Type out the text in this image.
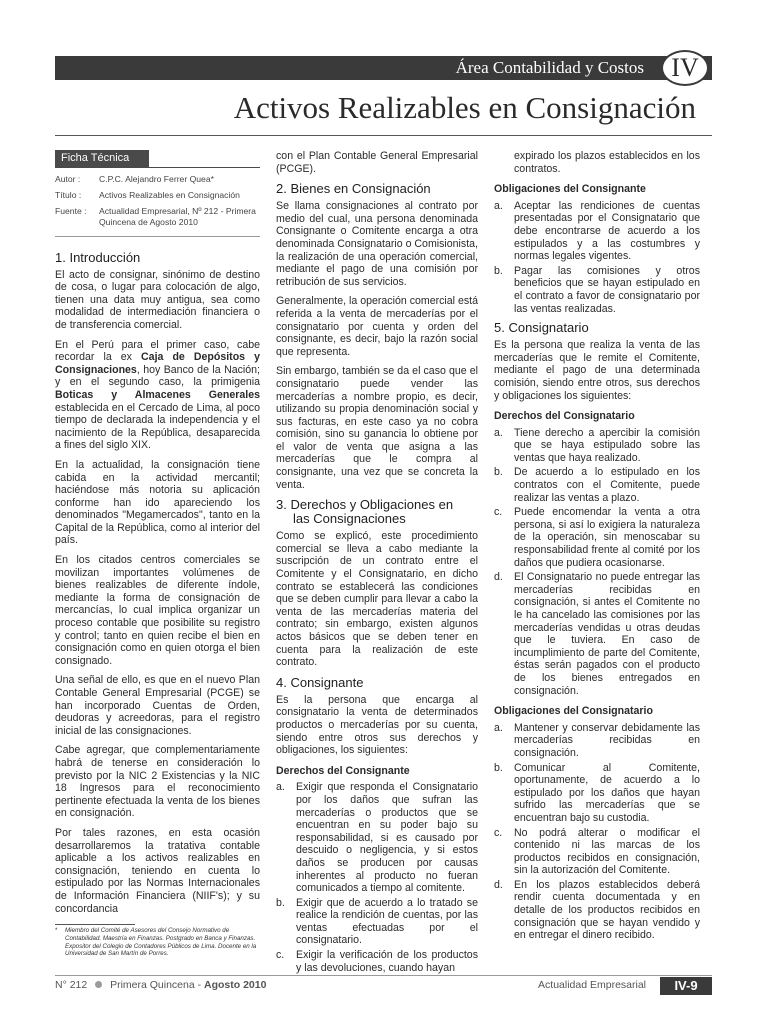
Área Contabilidad y Costos	IV
Activos Realizables en Consignación
Ficha Técnica
Autor :	C.P.C. Alejandro Ferrer Quea*
Título :	Activos Realizables en Consignación
Fuente :	Actualidad Empresarial, Nº 212 - Primera Quincena de Agosto 2010
1. Introducción

El acto de consignar, sinónimo de destino de cosa, o lugar para colocación de algo, tienen una data muy antigua, sea como modalidad de intermediación financiera o de transferencia comercial.

En el Perú para el primer caso, cabe recordar la ex Caja de Depósitos y Consignaciones, hoy Banco de la Nación; y en el segundo caso, la primigenia Boticas y Almacenes Generales establecida en el Cercado de Lima, al poco tiempo de declarada la independencia y el nacimiento de la República, desaparecida a fines del siglo XIX.

En la actualidad, la consignación tiene cabida en la actividad mercantil; haciéndose más notoria su aplicación conforme han ido apareciendo los denominados "Megamercados", tanto en la Capital de la República, como al interior del país.

En los citados centros comerciales se movilizan importantes volúmenes de bienes realizables de diferente índole, mediante la forma de consignación de mercancías, lo cual implica organizar un proceso contable que posibilite su registro y control; tanto en quien recibe el bien en consignación como en quien otorga el bien consignado.

Una señal de ello, es que en el nuevo Plan Contable General Empresarial (PCGE) se han incorporado Cuentas de Orden, deudoras y acreedoras, para el registro inicial de las consignaciones.

Cabe agregar, que complementariamente habrá de tenerse en consideración lo previsto por la NIC 2 Existencias y la NIC 18 Ingresos para el reconocimiento pertinente efectuada la venta de los bienes en consignación.

Por tales razones, en esta ocasión desarrollaremos la tratativa contable aplicable a los activos realizables en consignación, teniendo en cuenta lo estipulado por las Normas Internacionales de Información Financiera (NIIF's); y su concordancia

*	Miembro del Comité de Asesores del Consejo Normativo de Contabilidad. Maestría en Finanzas. Postgrado en Banca y Finanzas. Expositor del Colegio de Contadores Públicos de Lima. Docente en la Universidad de San Martín de Porres.

con el Plan Contable General Empresarial (PCGE).

2. Bienes en Consignación

Se llama consignaciones al contrato por medio del cual, una persona denominada Consignante o Comitente encarga a otra denominada Consignatario o Comisionista, la realización de una operación comercial, mediante el pago de una comisión por retribución de sus servicios.

Generalmente, la operación comercial está referida a la venta de mercaderías por el consignatario por cuenta y orden del consignante, es decir, bajo la razón social que representa.

Sin embargo, también se da el caso que el consignatario puede vender las mercaderías a nombre propio, es decir, utilizando su propia denominación social y sus facturas, en este caso ya no cobra comisión, sino su ganancia lo obtiene por el valor de venta que asigna a las mercaderías que le compra al consignante, una vez que se concreta la venta.

3. Derechos y Obligaciones en
las Consignaciones

Como se explicó, este procedimiento comercial se lleva a cabo mediante la suscripción de un contrato entre el Comitente y el Consignatario, en dicho contrato se establecerá las condiciones que se deben cumplir para llevar a cabo la venta de las mercaderías materia del contrato; sin embargo, existen algunos actos básicos que se deben tener en cuenta para la realización de este contrato.

4. Consignante

Es la persona que encarga al consignatario la venta de determinados productos o mercaderías por su cuenta, siendo entre otros sus derechos y obligaciones, los siguientes:

Derechos del Consignante
a. Exigir que responda el Consignatario por los daños que sufran las mercaderías o productos que se encuentran en su poder bajo su responsabilidad, si es causado por descuido o negligencia, y si estos daños se producen por causas inherentes al producto no fueran comunicados a tiempo al comitente.
b. Exigir que de acuerdo a lo tratado se realice la rendición de cuentas, por las ventas efectuadas por el consignatario.
c. Exigir la verificación de los productos y las devoluciones, cuando hayan

expirado los plazos establecidos en los contratos.

Obligaciones del Consignante
a. Aceptar las rendiciones de cuentas presentadas por el Consignatario que debe encontrarse de acuerdo a los estipulados y a las costumbres y normas legales vigentes.
b. Pagar las comisiones y otros beneficios que se hayan estipulado en el contrato a favor de consignatario por las ventas realizadas.
5. Consignatario

Es la persona que realiza la venta de las mercaderías que le remite el Comitente, mediante el pago de una determinada comisión, siendo entre otros, sus derechos y obligaciones los siguientes:

Derechos del Consignatario
a. Tiene derecho a apercibir la comisión que se haya estipulado sobre las ventas que haya realizado.
b. De acuerdo a lo estipulado en los contratos con el Comitente, puede realizar las ventas a plazo.
c. Puede encomendar la venta a otra persona, si así lo exigiera la naturaleza de la operación, sin menoscabar su responsabilidad frente al comité por los daños que pudiera ocasionarse.
d. El Consignatario no puede entregar las mercaderías recibidas en consignación, si antes el Comitente no le ha cancelado las comisiones por las mercaderías vendidas u otras deudas que le tuviera. En caso de incumplimiento de parte del Comitente, éstas serán pagados con el producto de los bienes entregados en consignación.
Obligaciones del Consignatario
a. Mantener y conservar debidamente las mercaderías recibidas en consignación.
b. Comunicar al Comitente, oportunamente, de acuerdo a lo estipulado por los daños que hayan sufrido las mercaderías que se encuentran bajo su custodia.
c. No podrá alterar o modificar el contenido ni las marcas de los productos recibidos en consignación, sin la autorización del Comitente.
d. En los plazos establecidos deberá rendir cuenta documentada y en detalle de los productos recibidos en consignación que se hayan vendido y en entregar el dinero recibido.
N° 212 Primera Quincena - Agosto 2010	Actualidad Empresarial	IV-9
